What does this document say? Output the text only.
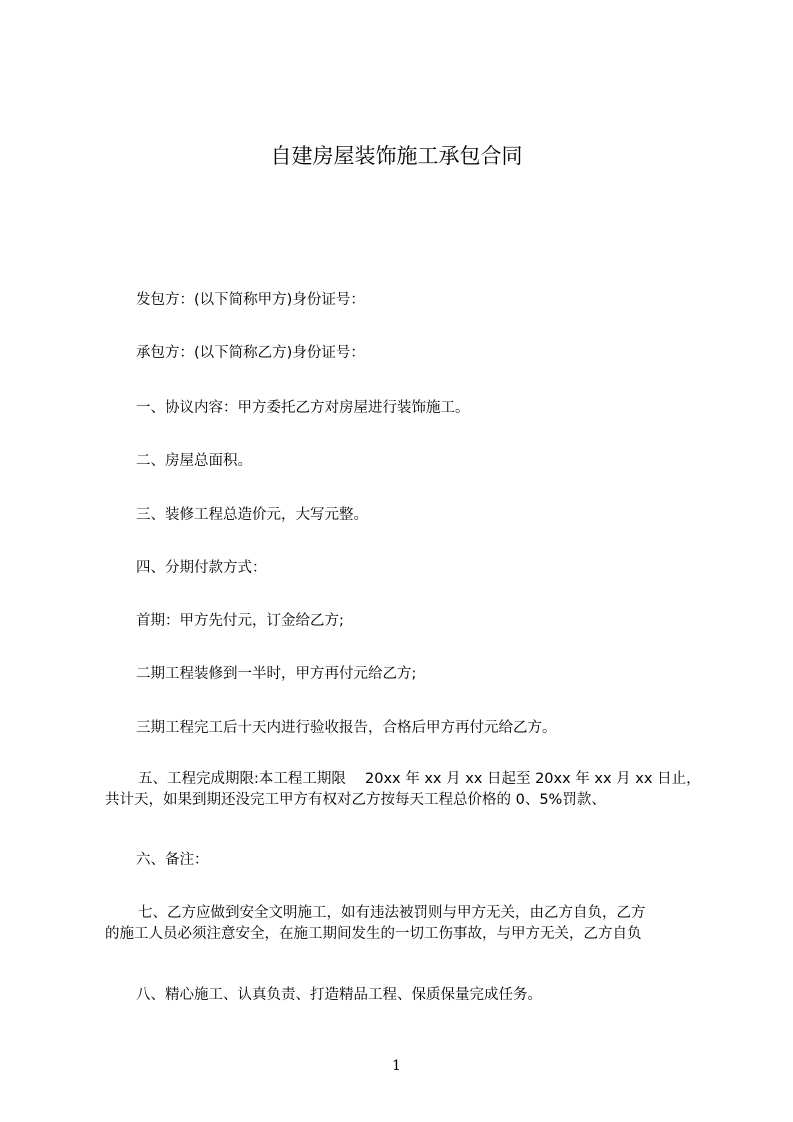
自建房屋装饰施工承包合同
发包方：(以下简称甲方)身份证号：
承包方：(以下简称乙方)身份证号：
一、协议内容：甲方委托乙方对房屋进行装饰施工。
二、房屋总面积。
三、装修工程总造价元，大写元整。
四、分期付款方式：
首期：甲方先付元，订金给乙方;
二期工程装修到一半时，甲方再付元给乙方;
三期工程完工后十天内进行验收报告，合格后甲方再付元给乙方。
五、工程完成期限:本工程工期限　 20xx 年 xx 月 xx 日起至 20xx 年 xx 月 xx 日止，
共计天，如果到期还没完工甲方有权对乙方按每天工程总价格的 0、5%罚款、
六、备注：
七、乙方应做到安全文明施工，如有违法被罚则与甲方无关，由乙方自负，乙方
的施工人员必须注意安全，在施工期间发生的一切工伤事故，与甲方无关，乙方自负
八、精心施工、认真负责、打造精品工程、保质保量完成任务。
1
